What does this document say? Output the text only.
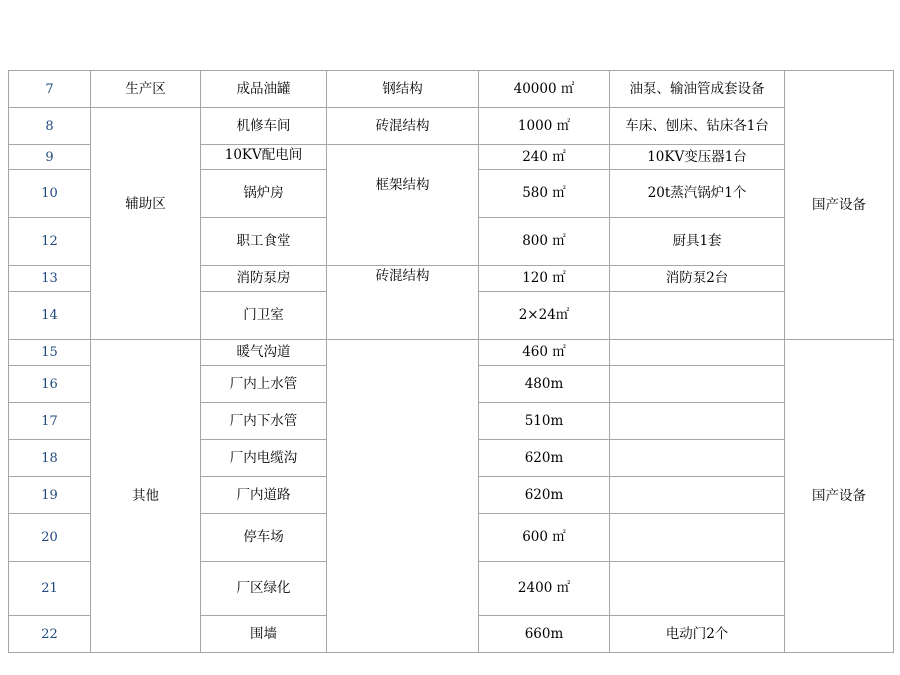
7	生产区	成品油罐	钢结构	40000 ㎡	油泵、输油管成套设备	国产设备
8	辅助区	机修车间	砖混结构	1000 ㎡	车床、刨床、钻床各1台	
9		10KV配电间	框架结构	240 ㎡	10KV变压器1台	
10		锅炉房		580 ㎡	20t蒸汽锅炉1个	
12		职工食堂		800 ㎡	厨具1套	
13		消防泵房	砖混结构	120 ㎡	消防泵2台	
14		门卫室		2×24㎡		
15	其他	暖气沟道		460 ㎡		国产设备
16		厂内上水管		480m		
17		厂内下水管		510m		
18		厂内电缆沟		620m		
19		厂内道路		620m		
20		停车场		600 ㎡		
21		厂区绿化		2400 ㎡		
22		围墙		660m	电动门2个	
